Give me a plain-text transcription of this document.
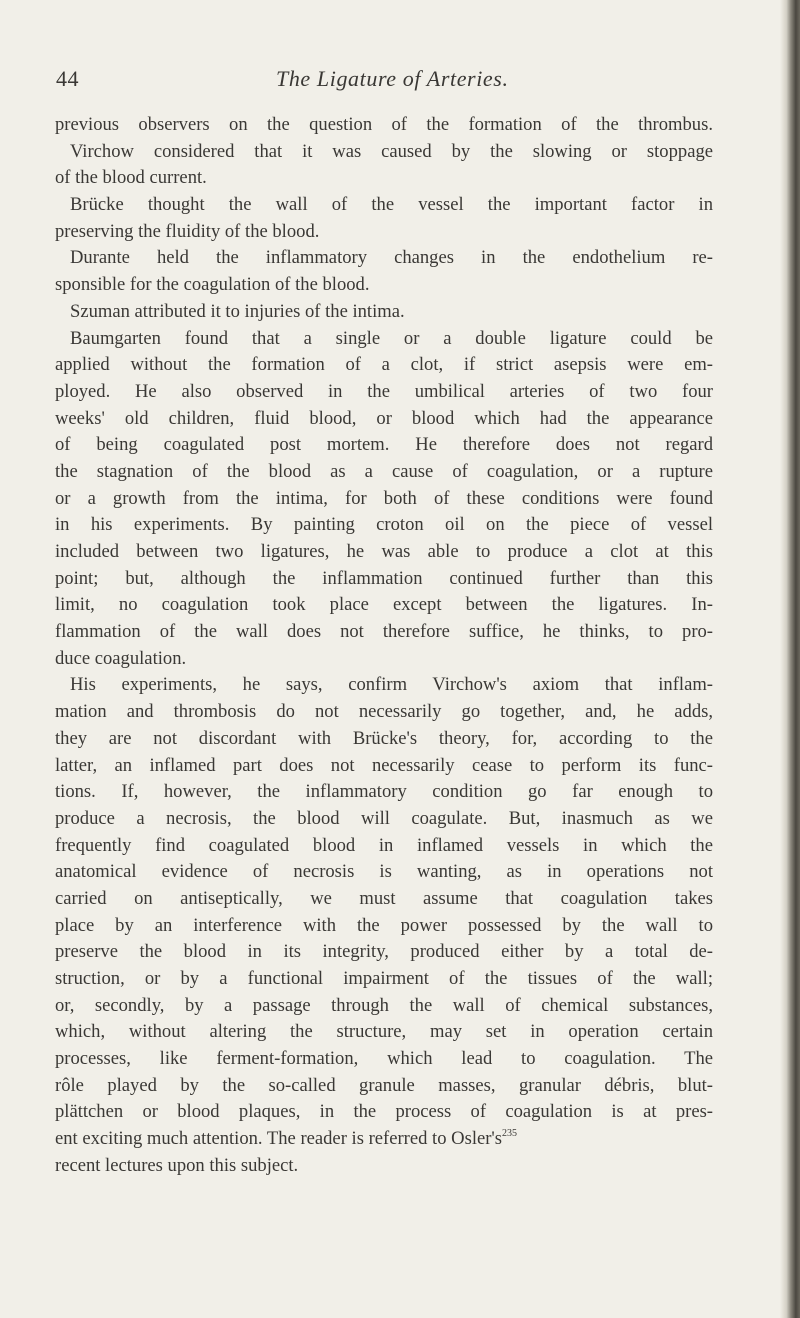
44	The Ligature of Arteries.
previous observers on the question of the formation of the thrombus.
Virchow considered that it was caused by the slowing or stoppage
of the blood current.
Brücke thought the wall of the vessel the important factor in
preserving the fluidity of the blood.
Durante held the inflammatory changes in the endothelium re-
sponsible for the coagulation of the blood.
Szuman attributed it to injuries of the intima.
Baumgarten found that a single or a double ligature could be
applied without the formation of a clot, if strict asepsis were em-
ployed. He also observed in the umbilical arteries of two four
weeks' old children, fluid blood, or blood which had the appearance
of being coagulated post mortem. He therefore does not regard
the stagnation of the blood as a cause of coagulation, or a rupture
or a growth from the intima, for both of these conditions were found
in his experiments. By painting croton oil on the piece of vessel
included between two ligatures, he was able to produce a clot at this
point; but, although the inflammation continued further than this
limit, no coagulation took place except between the ligatures. In-
flammation of the wall does not therefore suffice, he thinks, to pro-
duce coagulation.
His experiments, he says, confirm Virchow's axiom that inflam-
mation and thrombosis do not necessarily go together, and, he adds,
they are not discordant with Brücke's theory, for, according to the
latter, an inflamed part does not necessarily cease to perform its func-
tions. If, however, the inflammatory condition go far enough to
produce a necrosis, the blood will coagulate. But, inasmuch as we
frequently find coagulated blood in inflamed vessels in which the
anatomical evidence of necrosis is wanting, as in operations not
carried on antiseptically, we must assume that coagulation takes
place by an interference with the power possessed by the wall to
preserve the blood in its integrity, produced either by a total de-
struction, or by a functional impairment of the tissues of the wall;
or, secondly, by a passage through the wall of chemical substances,
which, without altering the structure, may set in operation certain
processes, like ferment-formation, which lead to coagulation. The
rôle played by the so-called granule masses, granular débris, blut-
plättchen or blood plaques, in the process of coagulation is at pres-
ent exciting much attention. The reader is referred to Osler's$^{235}$
recent lectures upon this subject.
